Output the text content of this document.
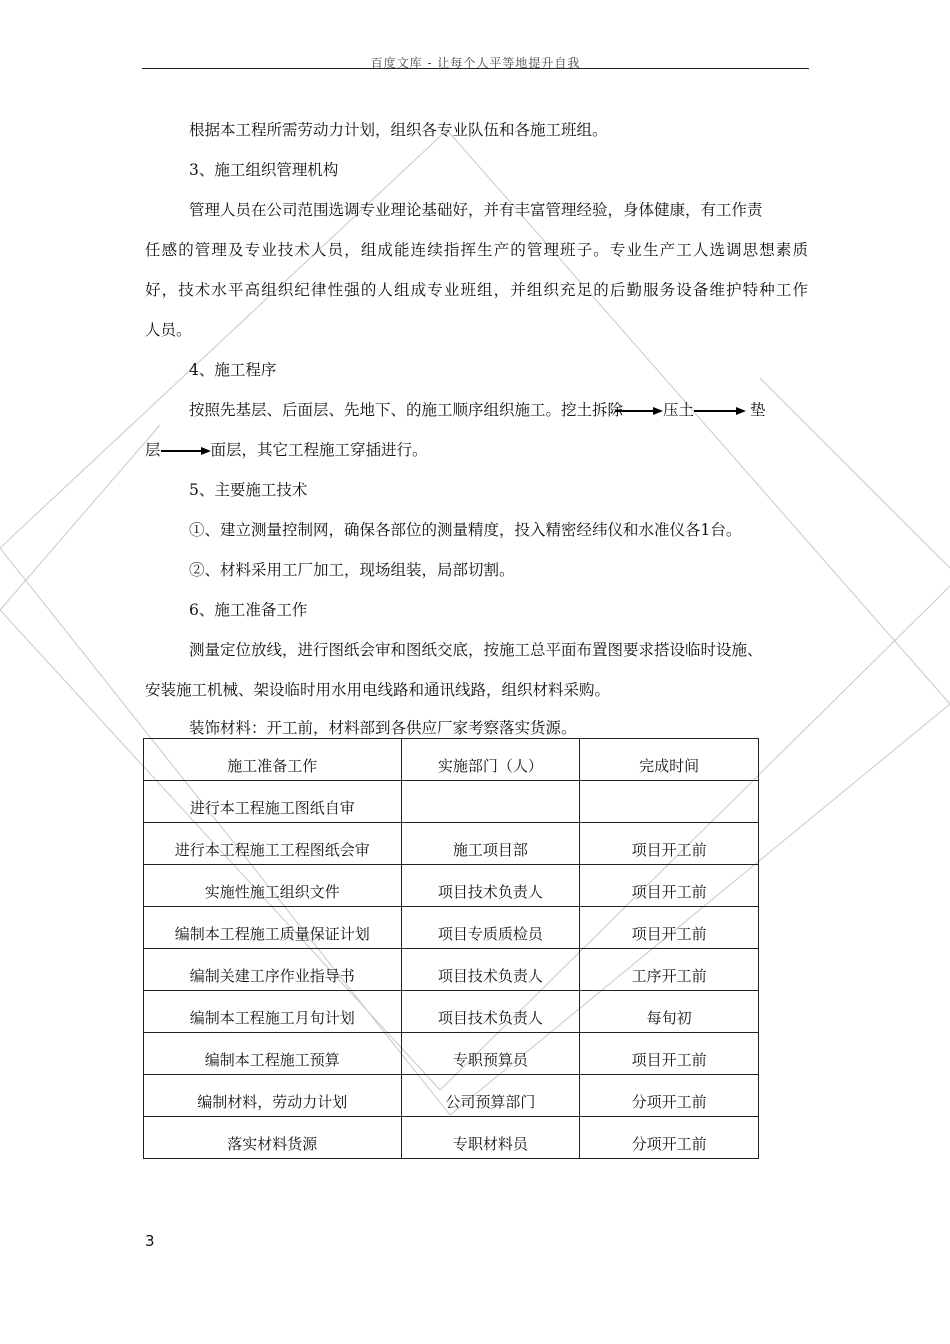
百度文库 - 让每个人平等地提升自我
根据本工程所需劳动力计划，组织各专业队伍和各施工班组。
3、施工组织管理机构
管理人员在公司范围选调专业理论基础好，并有丰富管理经验，身体健康，有工作责
任感的管理及专业技术人员，组成能连续指挥生产的管理班子。专业生产工人选调思想素质
好，技术水平高组织纪律性强的人组成专业班组，并组织充足的后勤服务设备维护特种工作
人员。
4、施工程序
按照先基层、后面层、先地下、的施工顺序组织施工。挖土拆除	压土	垫
层	面层，其它工程施工穿插进行。
5、主要施工技术
①、建立测量控制网，确保各部位的测量精度，投入精密经纬仪和水准仪各1台。
②、材料采用工厂加工，现场组装，局部切割。
6、施工准备工作
测量定位放线，进行图纸会审和图纸交底，按施工总平面布置图要求搭设临时设施、
安装施工机械、架设临时用水用电线路和通讯线路，组织材料采购。
装饰材料：开工前，材料部到各供应厂家考察落实货源。
施工准备工作	实施部门（人）	完成时间
进行本工程施工图纸自审		
进行本工程施工工程图纸会审	施工项目部	项目开工前
实施性施工组织文件	项目技术负责人	项目开工前
编制本工程施工质量保证计划	项目专质质检员	项目开工前
编制关建工序作业指导书	项目技术负责人	工序开工前
编制本工程施工月旬计划	项目技术负责人	每旬初
编制本工程施工预算	专职预算员	项目开工前
编制材料，劳动力计划	公司预算部门	分项开工前
落实材料货源	专职材料员	分项开工前
3
